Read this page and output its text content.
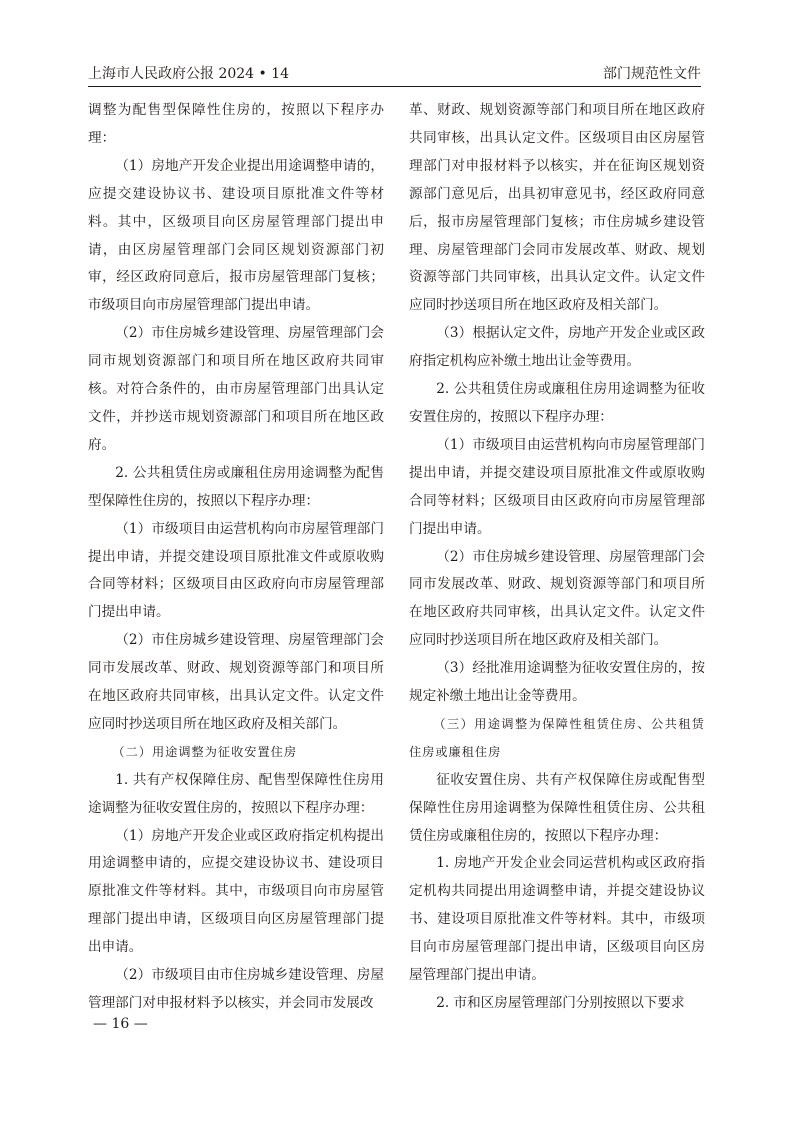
上海市人民政府公报 2024 • 14	部门规范性文件

调整为配售型保障性住房的，按照以下程序办理：

（1）房地产开发企业提出用途调整申请的，应提交建设协议书、建设项目原批准文件等材料。其中，区级项目向区房屋管理部门提出申请，由区房屋管理部门会同区规划资源部门初审，经区政府同意后，报市房屋管理部门复核；市级项目向市房屋管理部门提出申请。

（2）市住房城乡建设管理、房屋管理部门会同市规划资源部门和项目所在地区政府共同审核。对符合条件的，由市房屋管理部门出具认定文件，并抄送市规划资源部门和项目所在地区政府。

2. 公共租赁住房或廉租住房用途调整为配售型保障性住房的，按照以下程序办理：

（1）市级项目由运营机构向市房屋管理部门提出申请，并提交建设项目原批准文件或原收购合同等材料；区级项目由区政府向市房屋管理部门提出申请。

（2）市住房城乡建设管理、房屋管理部门会同市发展改革、财政、规划资源等部门和项目所在地区政府共同审核，出具认定文件。认定文件应同时抄送项目所在地区政府及相关部门。

（二）用途调整为征收安置住房

1. 共有产权保障住房、配售型保障性住房用途调整为征收安置住房的，按照以下程序办理：

（1）房地产开发企业或区政府指定机构提出用途调整申请的，应提交建设协议书、建设项目原批准文件等材料。其中，市级项目向市房屋管理部门提出申请，区级项目向区房屋管理部门提出申请。

（2）市级项目由市住房城乡建设管理、房屋管理部门对申报材料予以核实，并会同市发展改

革、财政、规划资源等部门和项目所在地区政府共同审核，出具认定文件。区级项目由区房屋管理部门对申报材料予以核实，并在征询区规划资源部门意见后，出具初审意见书，经区政府同意后，报市房屋管理部门复核；市住房城乡建设管理、房屋管理部门会同市发展改革、财政、规划资源等部门共同审核，出具认定文件。认定文件应同时抄送项目所在地区政府及相关部门。

（3）根据认定文件，房地产开发企业或区政府指定机构应补缴土地出让金等费用。

2. 公共租赁住房或廉租住房用途调整为征收安置住房的，按照以下程序办理：

（1）市级项目由运营机构向市房屋管理部门提出申请，并提交建设项目原批准文件或原收购合同等材料；区级项目由区政府向市房屋管理部门提出申请。

（2）市住房城乡建设管理、房屋管理部门会同市发展改革、财政、规划资源等部门和项目所在地区政府共同审核，出具认定文件。认定文件应同时抄送项目所在地区政府及相关部门。

（3）经批准用途调整为征收安置住房的，按规定补缴土地出让金等费用。

（三）用途调整为保障性租赁住房、公共租赁住房或廉租住房

征收安置住房、共有产权保障住房或配售型保障性住房用途调整为保障性租赁住房、公共租赁住房或廉租住房的，按照以下程序办理：

1. 房地产开发企业会同运营机构或区政府指定机构共同提出用途调整申请，并提交建设协议书、建设项目原批准文件等材料。其中，市级项目向市房屋管理部门提出申请，区级项目向区房屋管理部门提出申请。

2. 市和区房屋管理部门分别按照以下要求

— 16 —
